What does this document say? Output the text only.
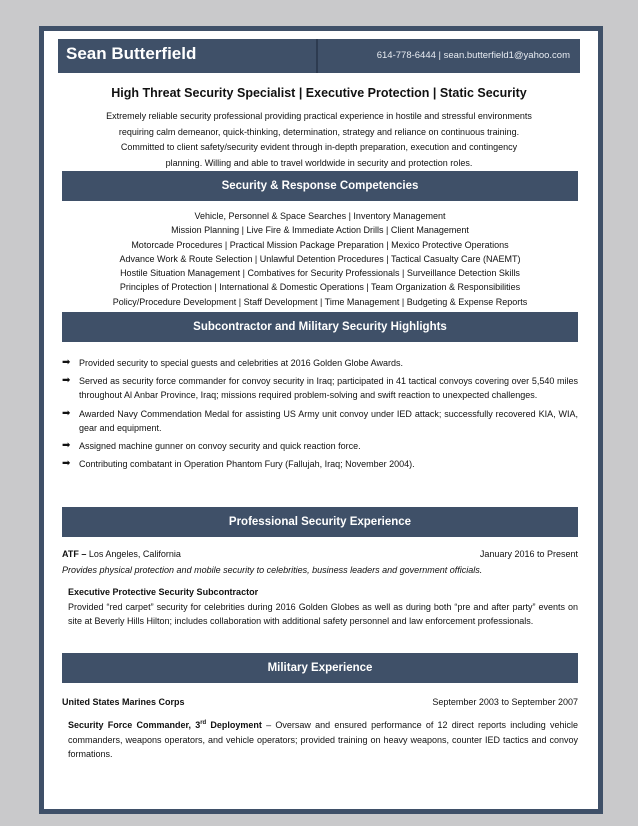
Sean Butterfield	614-778-6444 | sean.butterfield1@yahoo.com
High Threat Security Specialist | Executive Protection | Static Security
Extremely reliable security professional providing practical experience in hostile and stressful environments
requiring calm demeanor, quick-thinking, determination, strategy and reliance on continuous training.
Committed to client safety/security evident through in-depth preparation, execution and contingency
planning. Willing and able to travel worldwide in security and protection roles.
Security & Response Competencies
Vehicle, Personnel & Space Searches | Inventory Management
Mission Planning | Live Fire & Immediate Action Drills | Client Management
Motorcade Procedures | Practical Mission Package Preparation | Mexico Protective Operations
Advance Work & Route Selection | Unlawful Detention Procedures | Tactical Casualty Care (NAEMT)
Hostile Situation Management | Combatives for Security Professionals | Surveillance Detection Skills
Principles of Protection | International & Domestic Operations | Team Organization & Responsibilities
Policy/Procedure Development | Staff Development | Time Management | Budgeting & Expense Reports
Subcontractor and Military Security Highlights
➡ Provided security to special guests and celebrities at 2016 Golden Globe Awards.
➡ Served as security force commander for convoy security in Iraq; participated in 41 tactical convoys covering over 5,540 miles throughout Al Anbar Province, Iraq; missions required problem-solving and swift reaction to unexpected challenges.
➡ Awarded Navy Commendation Medal for assisting US Army unit convoy under IED attack; successfully recovered KIA, WIA, gear and equipment.
➡ Assigned machine gunner on convoy security and quick reaction force.
➡ Contributing combatant in Operation Phantom Fury (Fallujah, Iraq; November 2004).
Professional Security Experience
ATF – Los Angeles, California	January 2016 to Present
Provides physical protection and mobile security to celebrities, business leaders and government officials.
Executive Protective Security Subcontractor
Provided “red carpet” security for celebrities during 2016 Golden Globes as well as during both “pre and after party” events on site at Beverly Hills Hilton; includes collaboration with additional safety personnel and law enforcement professionals.
Military Experience
United States Marines Corps	September 2003 to September 2007
Security Force Commander, 3rd Deployment – Oversaw and ensured performance of 12 direct reports including vehicle commanders, weapons operators, and vehicle operators; provided training on heavy weapons, counter IED tactics and convoy formations.
